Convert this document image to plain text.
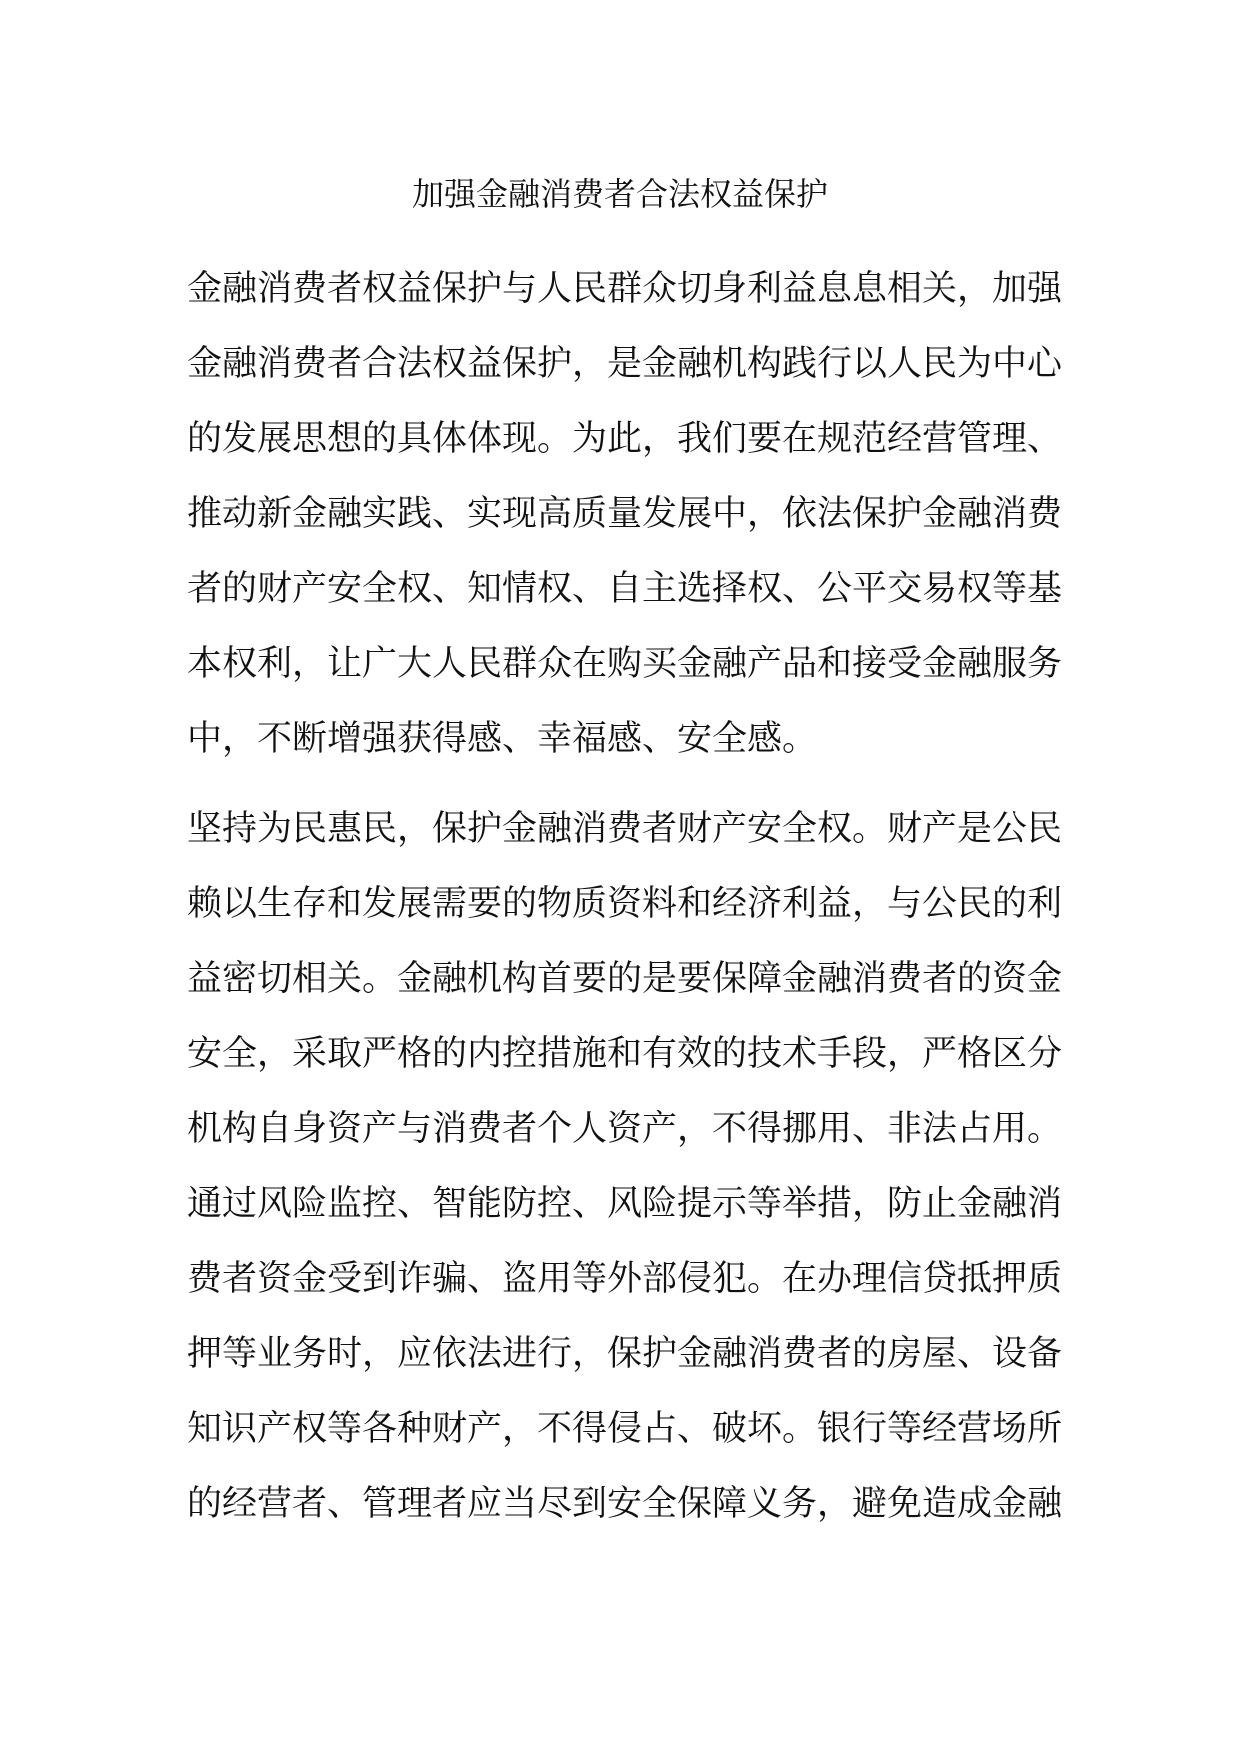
加强金融消费者合法权益保护
金融消费者权益保护与人民群众切身利益息息相关，加强
金融消费者合法权益保护，是金融机构践行以人民为中心
的发展思想的具体体现。为此，我们要在规范经营管理、
推动新金融实践、实现高质量发展中，依法保护金融消费
者的财产安全权、知情权、自主选择权、公平交易权等基
本权利，让广大人民群众在购买金融产品和接受金融服务
中，不断增强获得感、幸福感、安全感。
坚持为民惠民，保护金融消费者财产安全权。财产是公民
赖以生存和发展需要的物质资料和经济利益，与公民的利
益密切相关。金融机构首要的是要保障金融消费者的资金
安全，采取严格的内控措施和有效的技术手段，严格区分
机构自身资产与消费者个人资产，不得挪用、非法占用。
通过风险监控、智能防控、风险提示等举措，防止金融消
费者资金受到诈骗、盗用等外部侵犯。在办理信贷抵押质
押等业务时，应依法进行，保护金融消费者的房屋、设备
知识产权等各种财产，不得侵占、破坏。银行等经营场所
的经营者、管理者应当尽到安全保障义务，避免造成金融
